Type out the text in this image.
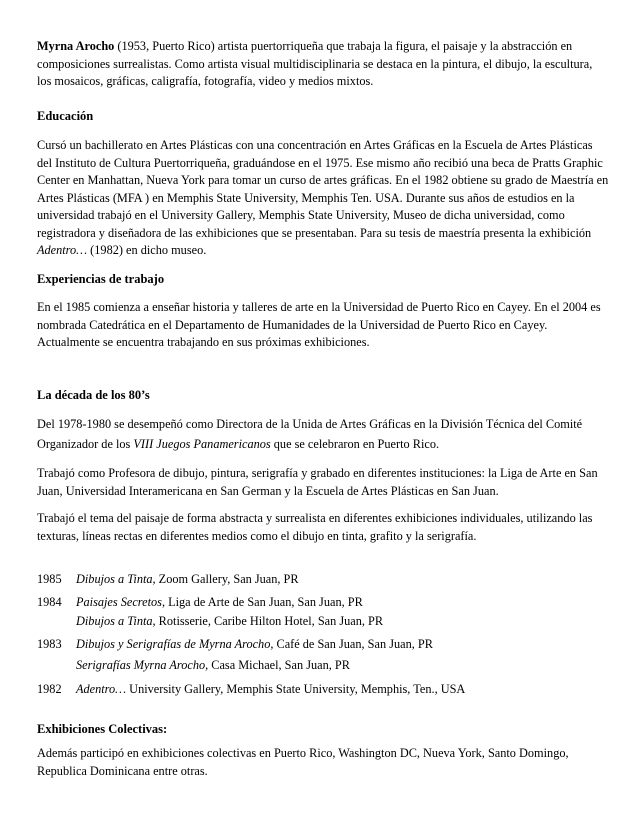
Myrna Arocho (1953, Puerto Rico) artista puertorriqueña que trabaja la figura, el paisaje y la abstracción en composiciones surrealistas. Como artista visual multidisciplinaria se destaca en la pintura, el dibujo, la escultura, los mosaicos, gráficas, caligrafía, fotografía, video y medios mixtos.

Educación

Cursó un bachillerato en Artes Plásticas con una concentración en Artes Gráficas en la Escuela de Artes Plásticas del Instituto de Cultura Puertorriqueña, graduándose en el 1975. Ese mismo año recibió una beca de Pratts Graphic Center en Manhattan, Nueva York para tomar un curso de artes gráficas. En el 1982 obtiene su grado de Maestría en Artes Plásticas (MFA ) en Memphis State University, Memphis Ten. USA. Durante sus años de estudios en la universidad trabajó en el University Gallery, Memphis State University, Museo de dicha universidad, como registradora y diseñadora de las exhibiciones que se presentaban. Para su tesis de maestría presenta la exhibición Adentro… (1982) en dicho museo.

Experiencias de trabajo

En el 1985 comienza a enseñar historia y talleres de arte en la Universidad de Puerto Rico en Cayey. En el 2004 es nombrada Catedrática en el Departamento de Humanidades de la Universidad de Puerto Rico en Cayey. Actualmente se encuentra trabajando en sus próximas exhibiciones.

La década de los 80’s

Del 1978-1980 se desempeñó como Directora de la Unida de Artes Gráficas en la División Técnica del Comité Organizador de los VIII Juegos Panamericanos que se celebraron en Puerto Rico.

Trabajó como Profesora de dibujo, pintura, serigrafía y grabado en diferentes instituciones: la Liga de Arte en San Juan, Universidad Interamericana en San German y la Escuela de Artes Plásticas en San Juan.

Trabajó el tema del paisaje de forma abstracta y surrealista en diferentes exhibiciones individuales, utilizando las texturas, líneas rectas en diferentes medios como el dibujo en tinta, grafito y la serigrafía.

1985 Dibujos a Tinta, Zoom Gallery, San Juan, PR
1984 Paisajes Secretos, Liga de Arte de San Juan, San Juan, PR
Dibujos a Tinta, Rotisserie, Caribe Hilton Hotel, San Juan, PR
1983 Dibujos y Serigrafías de Myrna Arocho, Café de San Juan, San Juan, PR
Serigrafías Myrna Arocho, Casa Michael, San Juan, PR
1982 Adentro… University Gallery, Memphis State University, Memphis, Ten., USA
Exhibiciones Colectivas:

Además participó en exhibiciones colectivas en Puerto Rico, Washington DC, Nueva York, Santo Domingo, Republica Dominicana entre otras.
